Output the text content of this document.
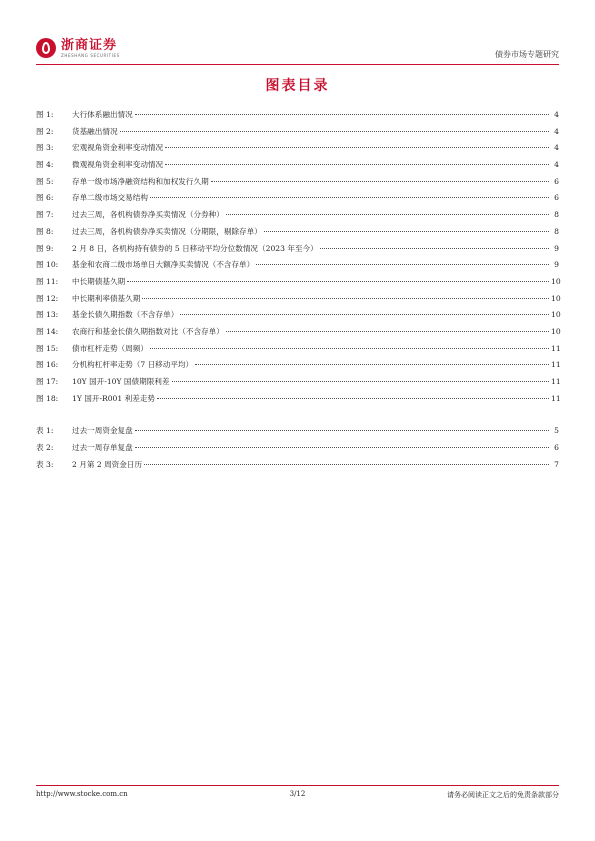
浙商证券
ZHESHANG SECURITIES	债券市场专题研究
图表目录
图 1:	大行体系融出情况	4
图 2:	货基融出情况	4
图 3:	宏观视角资金利率变动情况	4
图 4:	微观视角资金利率变动情况	4
图 5:	存单一级市场净融资结构和加权发行久期	6
图 6:	存单二级市场交易结构	6
图 7:	过去三周，各机构债券净买卖情况（分券种）	8
图 8:	过去三周，各机构债券净买卖情况（分期限，剔除存单）	8
图 9:	2 月 8 日，各机构持有债券的 5 日移动平均分位数情况（2023 年至今）	9
图 10:	基金和农商二级市场单日大额净买卖情况（不含存单）	9
图 11:	中长期债基久期	10
图 12:	中长期利率债基久期	10
图 13:	基金长债久期指数（不含存单）	10
图 14:	农商行和基金长债久期指数对比（不含存单）	10
图 15:	债市杠杆走势（周频）	11
图 16:	分机构杠杆率走势（7 日移动平均）	11
图 17:	10Y 国开-10Y 国债期限利差	11
图 18:	1Y 国开-R001 利差走势	11
表 1:	过去一周资金复盘	5
表 2:	过去一周存单复盘	6
表 3:	2 月第 2 周资金日历	7
http://www.stocke.com.cn	3/12	请务必阅读正文之后的免责条款部分
